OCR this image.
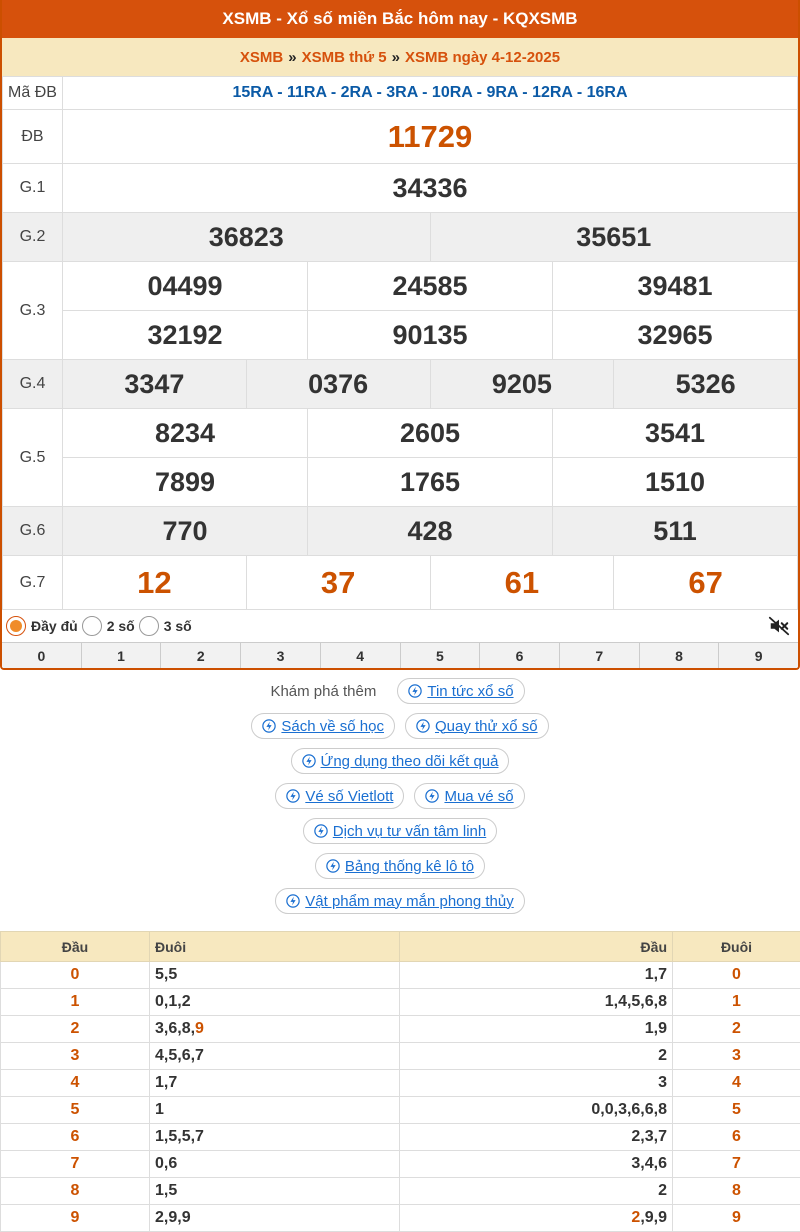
XSMB - Xổ số miền Bắc hôm nay - KQXSMB
XSMB » XSMB thứ 5 » XSMB ngày 4-12-2025
Mã ĐB	15RA - 11RA - 2RA - 3RA - 10RA - 9RA - 12RA - 16RA					
ĐB	11729					
G.1	34336					
G.2	36823			35651		
G.3	04499		24585		39481	
	32192		90135		32965	
G.4	3347	0376		9205		5326
G.5	8234		2605		3541	
	7899		1765		1510	
G.6	770		428		511	
G.7	12	37		61		67
Đầy đủ 2 số 3 số
0	1	2	3	4	5	6	7	8	9
Khám phá thêm	Tin tức xổ số
Sách về số học	Quay thử xổ số
Ứng dụng theo dõi kết quả
Vé số Vietlott	Mua vé số
Dịch vụ tư vấn tâm linh
Bảng thống kê lô tô
Vật phẩm may mắn phong thủy
Đầu	Đuôi	Đầu	Đuôi
0	5,5	1,7	0
1	0,1,2	1,4,5,6,8	1
2	3,6,8,9	1,9	2
3	4,5,6,7	2	3
4	1,7	3	4
5	1	0,0,3,6,6,8	5
6	1,5,5,7	2,3,7	6
7	0,6	3,4,6	7
8	1,5	2	8
9	2,9,9	2,9,9	9
